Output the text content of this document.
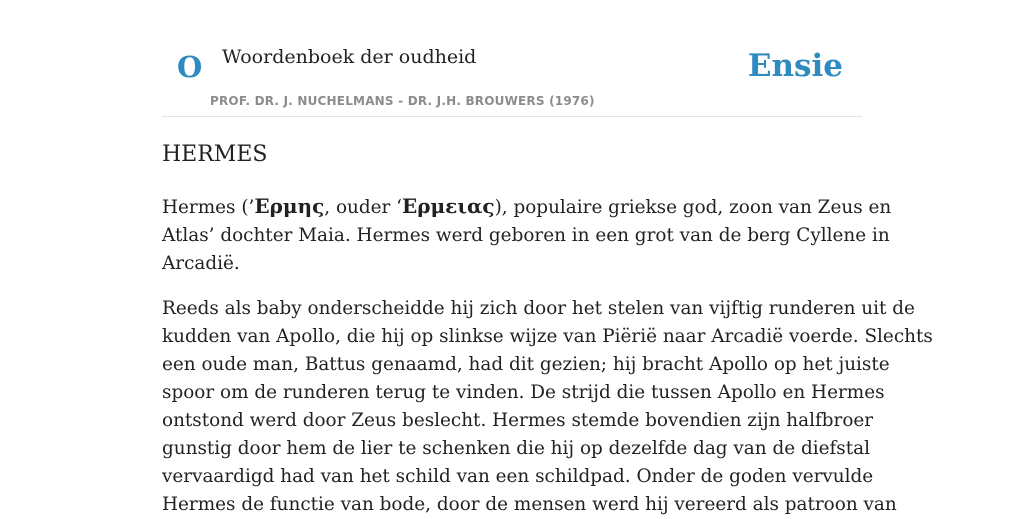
O Woordenboek der oudheid
PROF. DR. J. NUCHELMANS - DR. J.H. BROUWERS (1976)
Ensie
HERMES

Hermes (’Ερμης, ouder ‘Ερμειας), populaire griekse god, zoon van Zeus en
Atlas’ dochter Maia. Hermes werd geboren in een grot van de berg Cyllene in
Arcadië.

Reeds als baby onderscheidde hij zich door het stelen van vijftig runderen uit de
kudden van Apollo, die hij op slinkse wijze van Piërië naar Arcadië voerde. Slechts
een oude man, Battus genaamd, had dit gezien; hij bracht Apollo op het juiste
spoor om de runderen terug te vinden. De strijd die tussen Apollo en Hermes
ontstond werd door Zeus beslecht. Hermes stemde bovendien zijn halfbroer
gunstig door hem de lier te schenken die hij op dezelfde dag van de diefstal
vervaardigd had van het schild van een schildpad. Onder de goden vervulde
Hermes de functie van bode, door de mensen werd hij vereerd als patroon van
